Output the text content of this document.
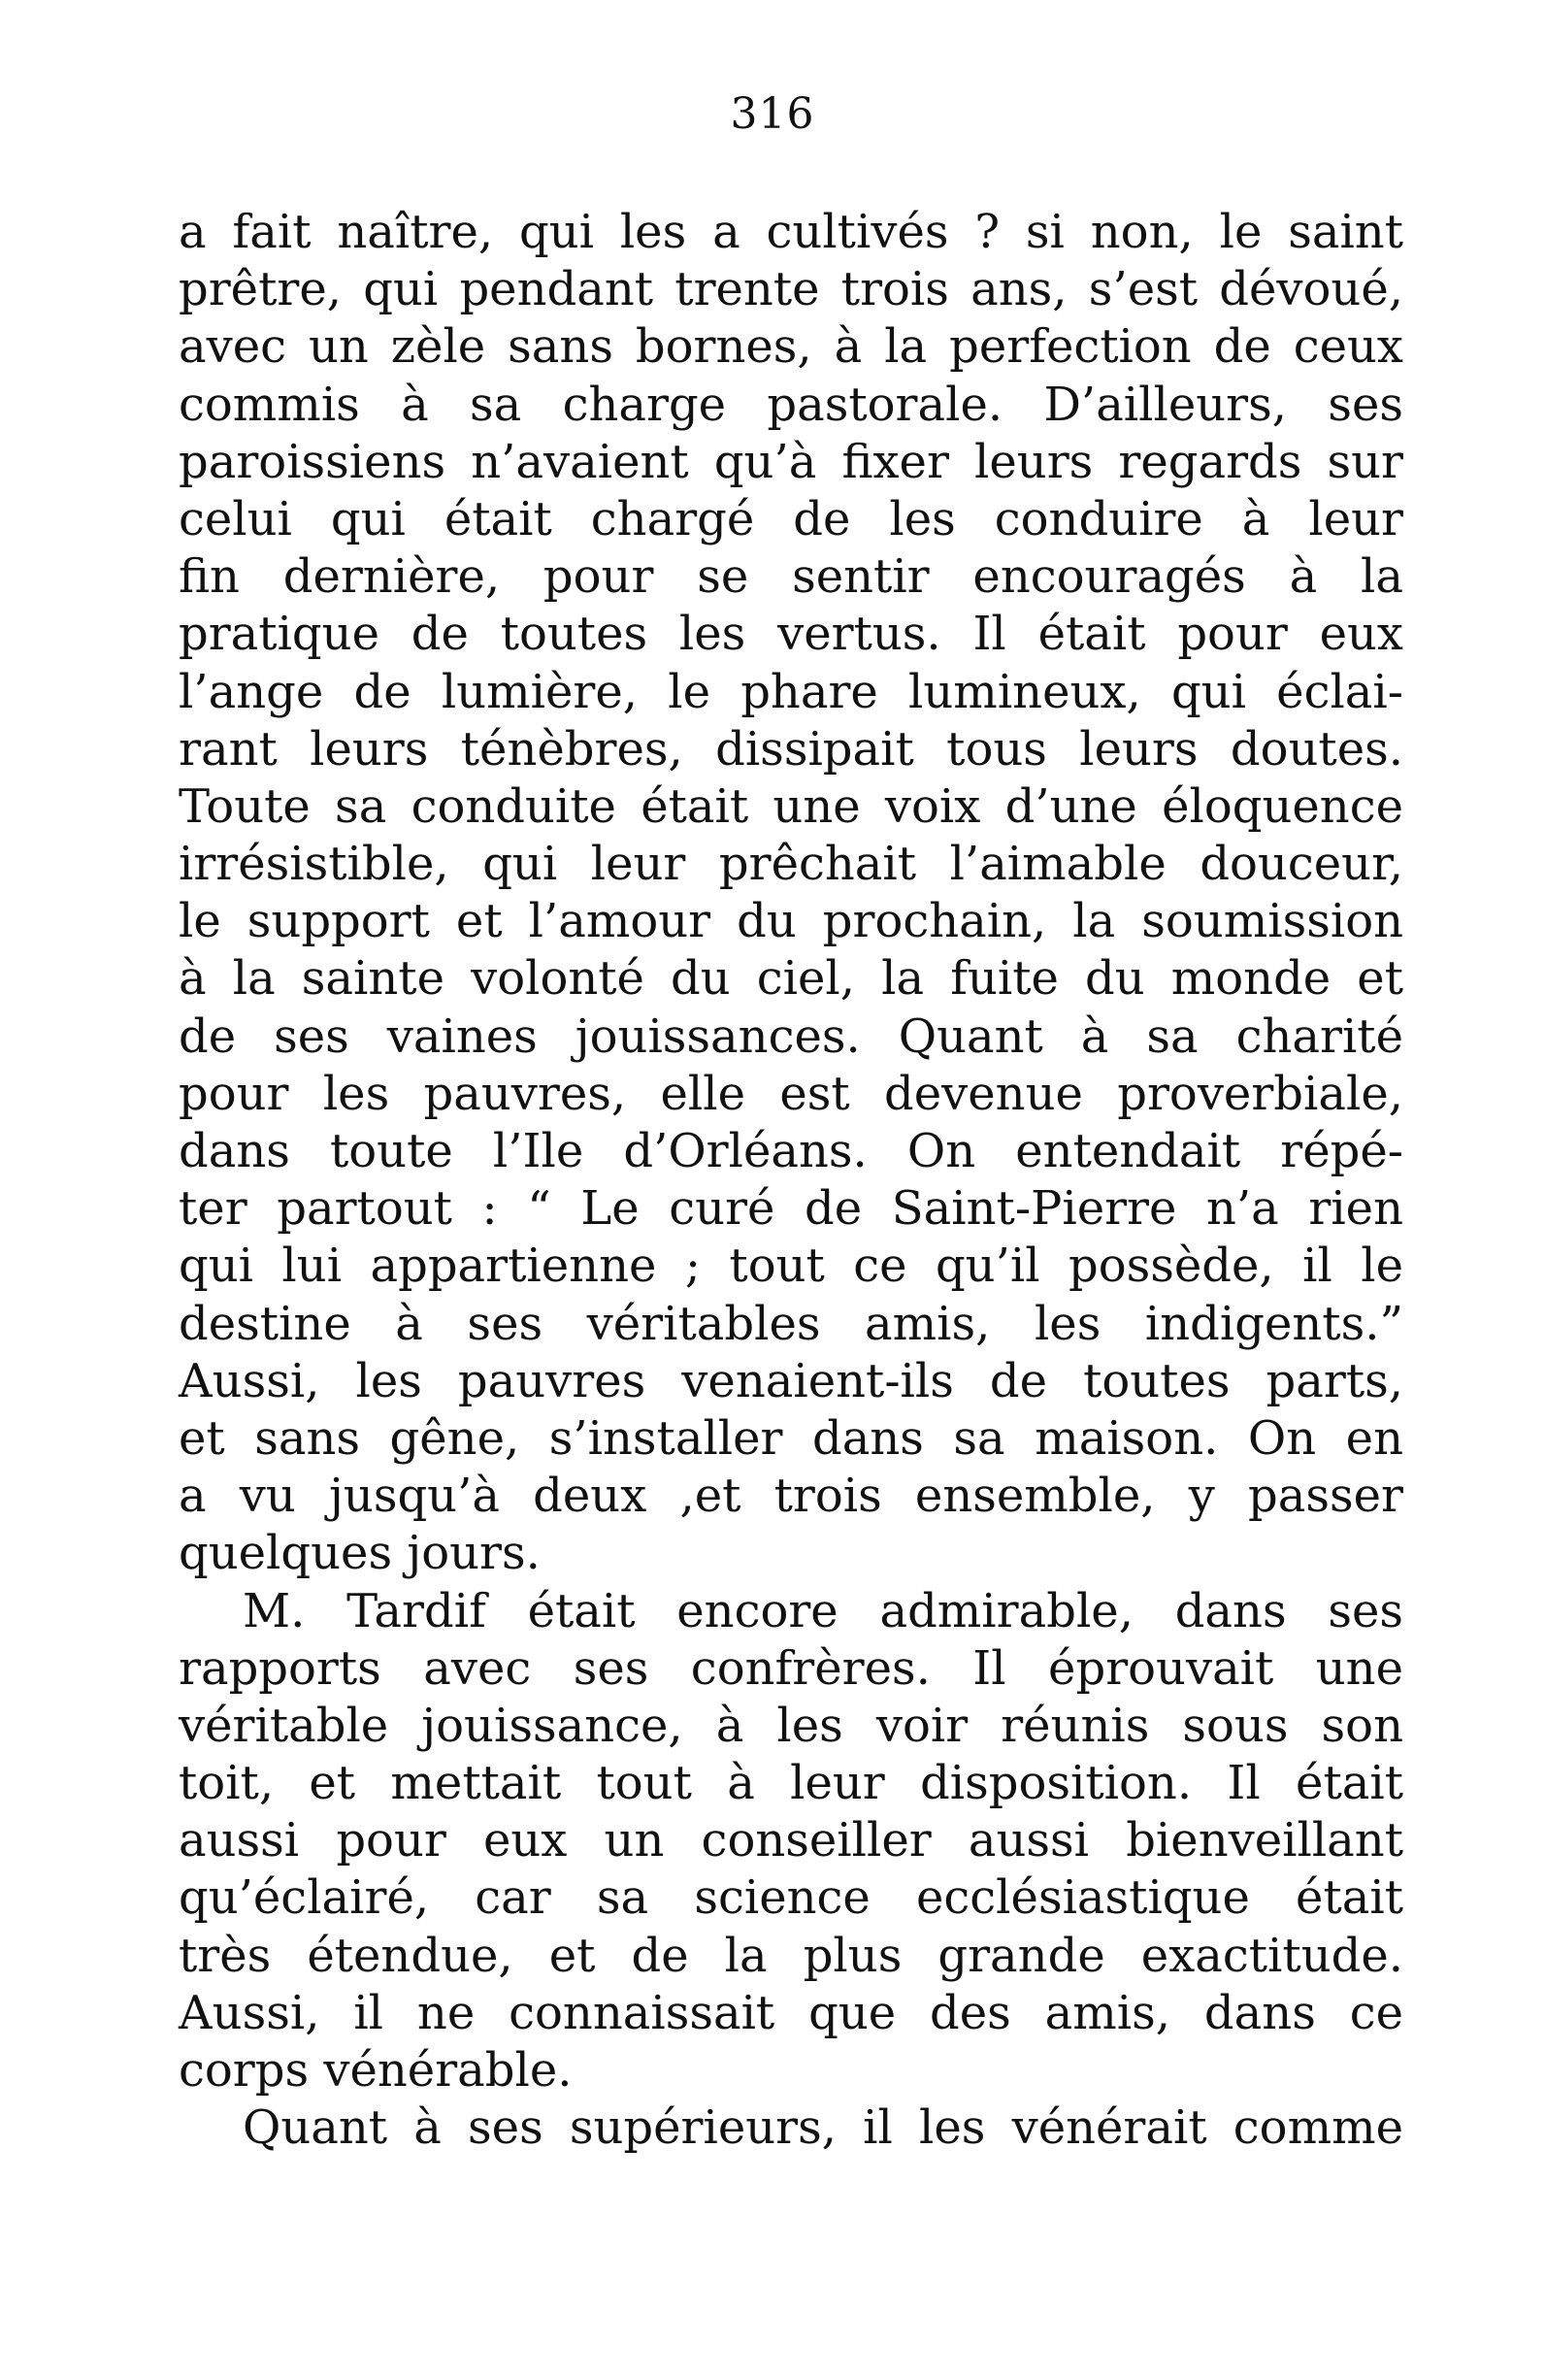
316
a fait naître, qui les a cultivés ? si non, le saint
prêtre, qui pendant trente trois ans, s’est dévoué,
avec un zèle sans bornes, à la perfection de ceux
commis à sa charge pastorale. D’ailleurs, ses
paroissiens n’avaient qu’à fixer leurs regards sur
celui qui était chargé de les conduire à leur
fin dernière, pour se sentir encouragés à la
pratique de toutes les vertus. Il était pour eux
l’ange de lumière, le phare lumineux, qui éclai-
rant leurs ténèbres, dissipait tous leurs doutes.
Toute sa conduite était une voix d’une éloquence
irrésistible, qui leur prêchait l’aimable douceur,
le support et l’amour du prochain, la soumission
à la sainte volonté du ciel, la fuite du monde et
de ses vaines jouissances. Quant à sa charité
pour les pauvres, elle est devenue proverbiale,
dans toute l’Ile d’Orléans. On entendait répé-
ter partout : “ Le curé de Saint-Pierre n’a rien
qui lui appartienne ; tout ce qu’il possède, il le
destine à ses véritables amis, les indigents.”
Aussi, les pauvres venaient-ils de toutes parts,
et sans gêne, s’installer dans sa maison. On en
a vu jusqu’à deux ,et trois ensemble, y passer
quelques jours.
M. Tardif était encore admirable, dans ses
rapports avec ses confrères. Il éprouvait une
véritable jouissance, à les voir réunis sous son
toit, et mettait tout à leur disposition. Il était
aussi pour eux un conseiller aussi bienveillant
qu’éclairé, car sa science ecclésiastique était
très étendue, et de la plus grande exactitude.
Aussi, il ne connaissait que des amis, dans ce
corps vénérable.
Quant à ses supérieurs, il les vénérait comme
